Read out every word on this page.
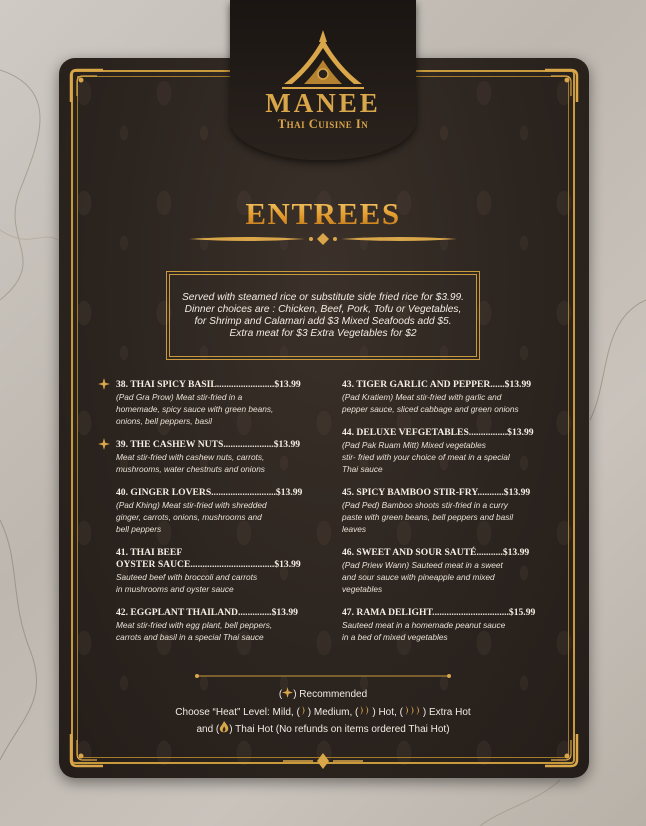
MANEE
Thai Cuisine In
ENTREES
Served with steamed rice or substitute side fried rice for $3.99.
Dinner choices are : Chicken, Beef, Pork, Tofu or Vegetables,
for Shrimp and Calamari add $3 Mixed Seafoods add $5.
Extra meat for $3 Extra Vegetables for $2
38. THAI SPICY BASIL........................$13.99
(Pad Gra Prow) Meat stir-fried in a
homemade, spicy sauce with green beans,
onions, bell peppers, basil
39. THE CASHEW NUTS.....................$13.99
Meat stir-fried with cashew nuts, carrots,
mushrooms, water chestnuts and onions
40. GINGER LOVERS...........................$13.99
(Pad Khing) Meat stir-fried with shredded
ginger, carrots, onions, mushrooms and
bell peppers
41. THAI BEEF
OYSTER SAUCE...................................$13.99
Sauteed beef with broccoli and carrots
in mushrooms and oyster sauce
42. EGGPLANT THAILAND..............$13.99
Meat stir-fried with egg plant, bell peppers,
carrots and basil in a special Thai sauce
43. TIGER GARLIC AND PEPPER......$13.99
(Pad Kratiem) Meat stir-fried with garlic and
pepper sauce, sliced cabbage and green onions
44. DELUXE VEFGETABLES................$13.99
(Pad Pak Ruam Mitt) Mixed vegetables
stir- fried with your choice of meat in a special
Thai sauce
45. SPICY BAMBOO STIR-FRY...........$13.99
(Pad Ped) Bamboo shoots stir-fried in a curry
paste with green beans, bell peppers and basil
leaves
46. SWEET AND SOUR SAUTÉ...........$13.99
(Pad Priew Wann) Sauteed meat in a sweet
and sour sauce with pineapple and mixed
vegetables
47. RAMA DELIGHT................................$15.99
Sauteed meat in a homemade peanut sauce
in a bed of mixed vegetables
( ) Recommended
Choose “Heat” Level: Mild, ( ) Medium, ( ) Hot, ( ) Extra Hot
and ( ) Thai Hot (No refunds on items ordered Thai Hot)
